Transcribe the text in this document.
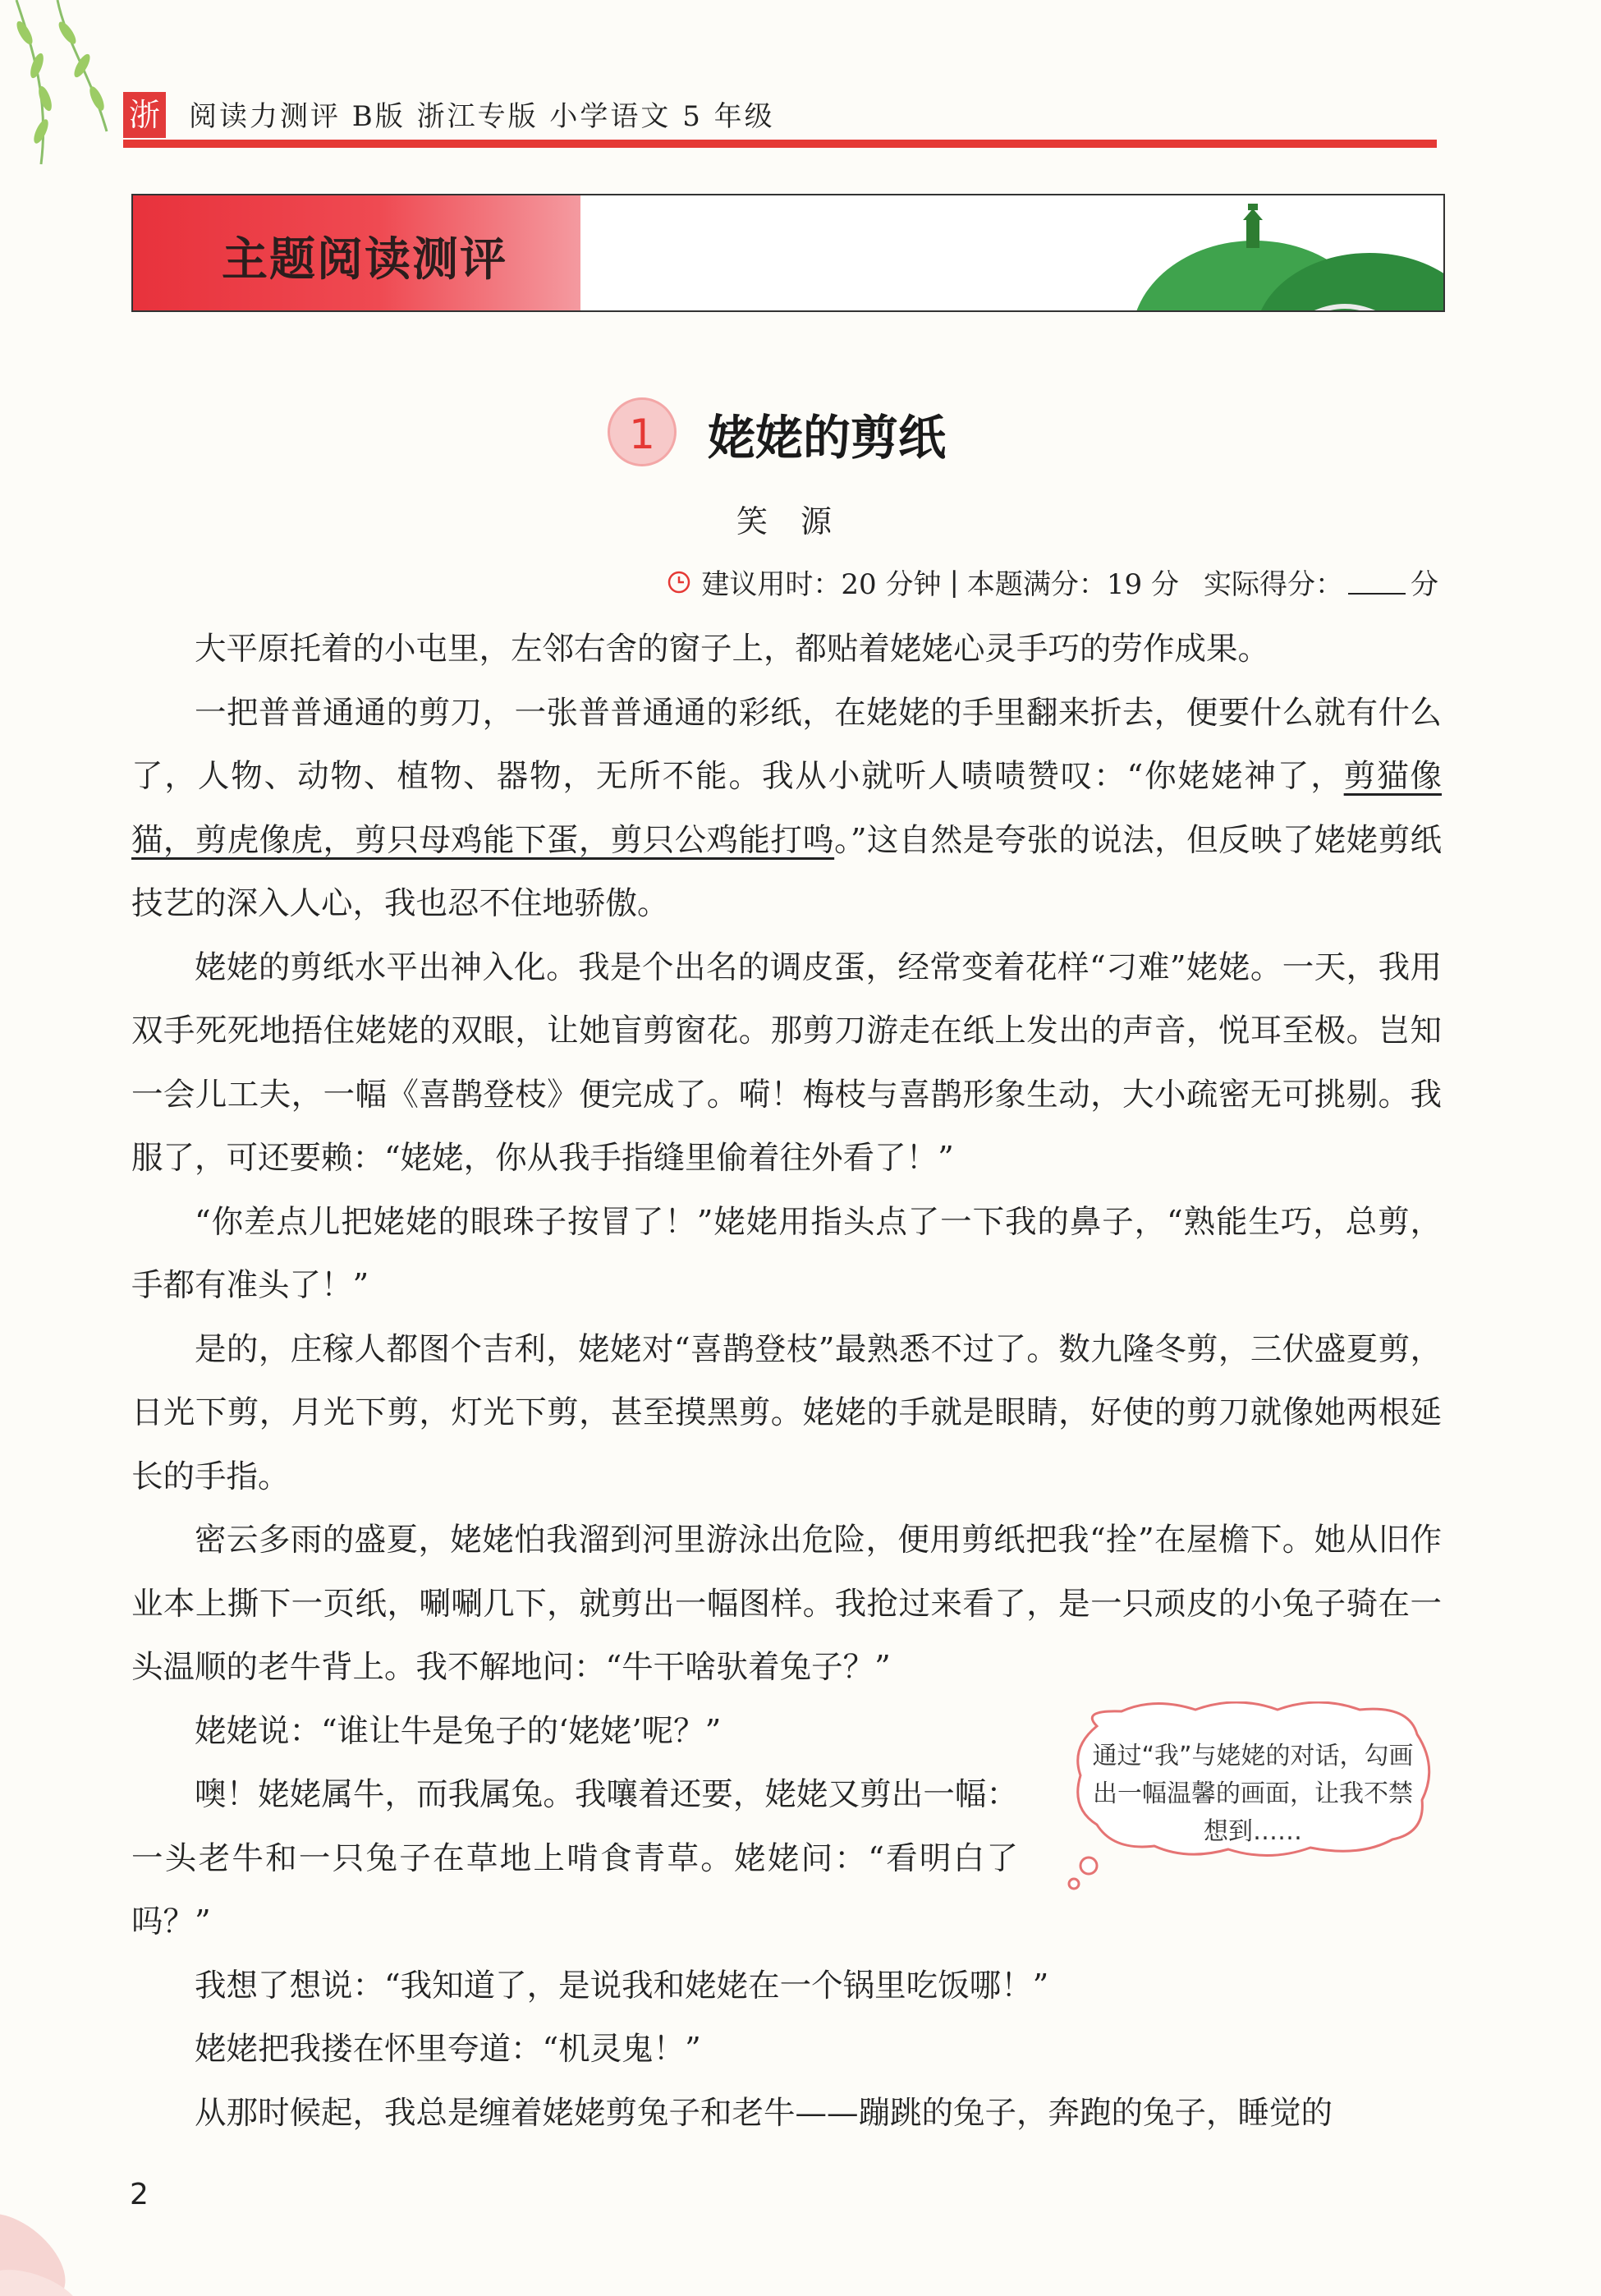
浙 阅读力测评 B版 浙江专版 小学语文 5 年级
主题阅读测评
1	姥姥的剪纸
笑源
建议用时：20 分钟 | 本题满分：19 分 实际得分： 分

大平原托着的小屯里，左邻右舍的窗子上，都贴着姥姥心灵手巧的劳作成果。

一把普普通通的剪刀，一张普普通通的彩纸，在姥姥的手里翻来折去，便要什么就有什么了，人物、动物、植物、器物，无所不能。我从小就听人啧啧赞叹：“你姥姥神了，剪猫像猫，剪虎像虎，剪只母鸡能下蛋，剪只公鸡能打鸣。”这自然是夸张的说法，但反映了姥姥剪纸技艺的深入人心，我也忍不住地骄傲。

姥姥的剪纸水平出神入化。我是个出名的调皮蛋，经常变着花样“刁难”姥姥。一天，我用双手死死地捂住姥姥的双眼，让她盲剪窗花。那剪刀游走在纸上发出的声音，悦耳至极。岂知一会儿工夫，一幅《喜鹊登枝》便完成了。嗬！梅枝与喜鹊形象生动，大小疏密无可挑剔。我服了，可还要赖：“姥姥，你从我手指缝里偷着往外看了！”

“你差点儿把姥姥的眼珠子按冒了！”姥姥用指头点了一下我的鼻子，“熟能生巧，总剪，手都有准头了！”

是的，庄稼人都图个吉利，姥姥对“喜鹊登枝”最熟悉不过了。数九隆冬剪，三伏盛夏剪，日光下剪，月光下剪，灯光下剪，甚至摸黑剪。姥姥的手就是眼睛，好使的剪刀就像她两根延长的手指。

密云多雨的盛夏，姥姥怕我溜到河里游泳出危险，便用剪纸把我“拴”在屋檐下。她从旧作业本上撕下一页纸，唰唰几下，就剪出一幅图样。我抢过来看了，是一只顽皮的小兔子骑在一头温顺的老牛背上。我不解地问：“牛干啥驮着兔子？”

姥姥说：“谁让牛是兔子的‘姥姥’呢？”

噢！姥姥属牛，而我属兔。我嚷着还要，姥姥又剪出一幅：一头老牛和一只兔子在草地上啃食青草。姥姥问：“看明白了吗？”

我想了想说：“我知道了，是说我和姥姥在一个锅里吃饭哪！”

姥姥把我搂在怀里夸道：“机灵鬼！”

从那时候起，我总是缠着姥姥剪兔子和老牛——蹦跳的兔子，奔跑的兔子，睡觉的

通过“我”与姥姥的对话，勾画出一幅温馨的画面，让我不禁想到……
2
